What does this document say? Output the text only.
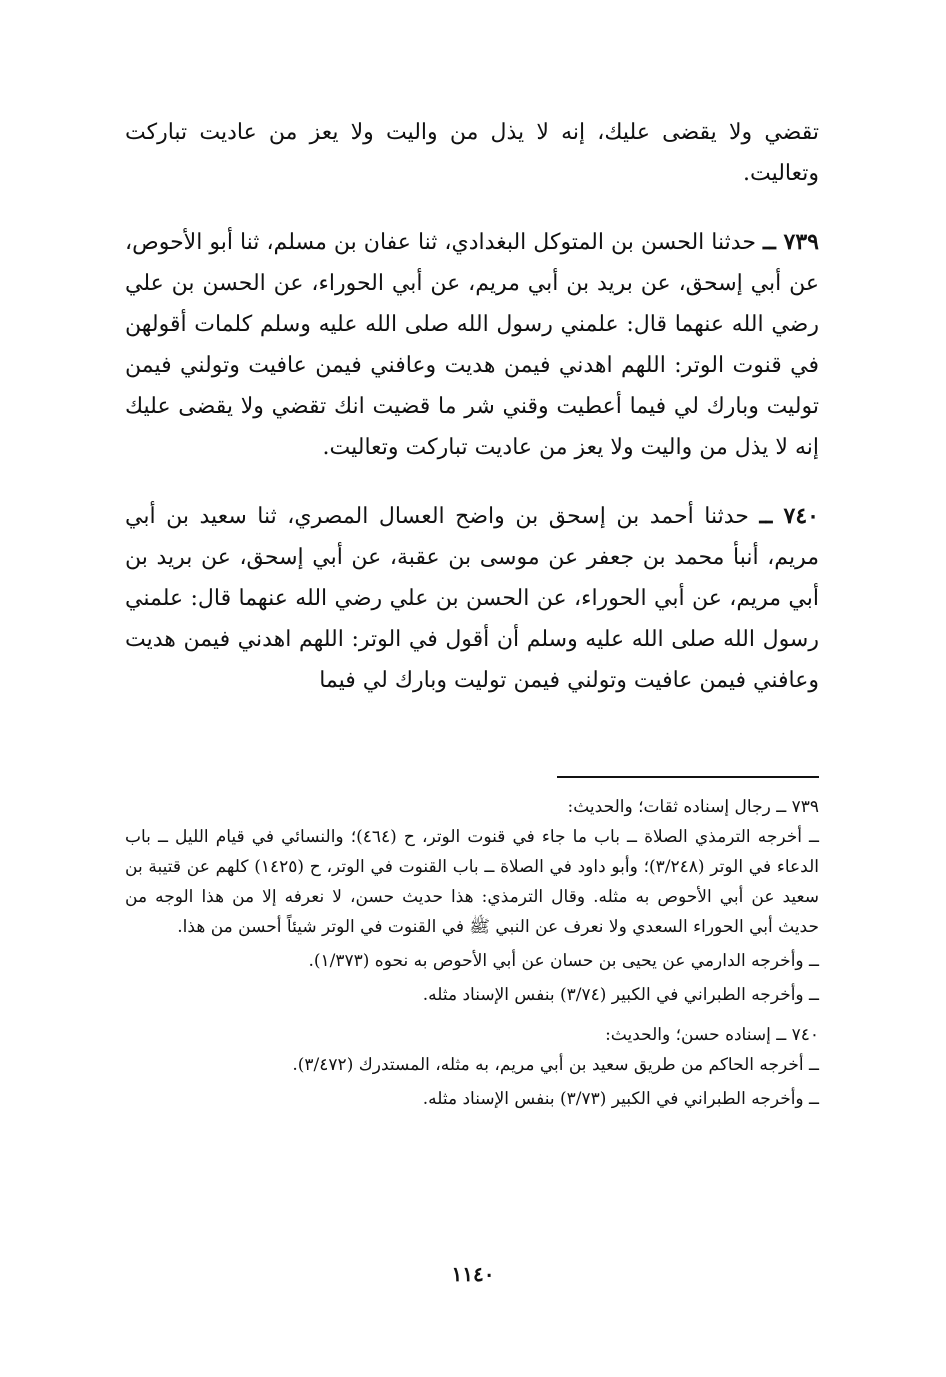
تقضي ولا يقضى عليك، إنه لا يذل من واليت ولا يعز من عاديت تباركت وتعاليت.

٧٣٩ ــ حدثنا الحسن بن المتوكل البغدادي، ثنا عفان بن مسلم، ثنا أبو الأحوص، عن أبي إسحق، عن بريد بن أبي مريم، عن أبي الحوراء، عن الحسن بن علي رضي الله عنهما قال: علمني رسول الله صلى الله عليه وسلم كلمات أقولهن في قنوت الوتر: اللهم اهدني فيمن هديت وعافني فيمن عافيت وتولني فيمن توليت وبارك لي فيما أعطيت وقني شر ما قضيت انك تقضي ولا يقضى عليك إنه لا يذل من واليت ولا يعز من عاديت تباركت وتعاليت.

٧٤٠ ــ حدثنا أحمد بن إسحق بن واضح العسال المصري، ثنا سعيد بن أبي مريم، أنبأ محمد بن جعفر عن موسى بن عقبة، عن أبي إسحق، عن بريد بن أبي مريم، عن أبي الحوراء، عن الحسن بن علي رضي الله عنهما قال: علمني رسول الله صلى الله عليه وسلم أن أقول في الوتر: اللهم اهدني فيمن هديت وعافني فيمن عافيت وتولني فيمن توليت وبارك لي فيما

٧٣٩ ــ رجال إسناده ثقات؛ والحديث:

ــ أخرجه الترمذي الصلاة ــ باب ما جاء في قنوت الوتر، ح (٤٦٤)؛ والنسائي في قيام الليل ــ باب الدعاء في الوتر (٣/٢٤٨)؛ وأبو داود في الصلاة ــ باب القنوت في الوتر، ح (١٤٢٥) كلهم عن قتيبة بن سعيد عن أبي الأحوص به مثله. وقال الترمذي: هذا حديث حسن، لا نعرفه إلا من هذا الوجه من حديث أبي الحوراء السعدي ولا نعرف عن النبي ﷺ في القنوت في الوتر شيئاً أحسن من هذا.

ــ وأخرجه الدارمي عن يحيى بن حسان عن أبي الأحوص به نحوه (١/٣٧٣).

ــ وأخرجه الطبراني في الكبير (٣/٧٤) بنفس الإسناد مثله.

٧٤٠ ــ إسناده حسن؛ والحديث:

ــ أخرجه الحاكم من طريق سعيد بن أبي مريم، به مثله، المستدرك (٣/٤٧٢).

ــ وأخرجه الطبراني في الكبير (٣/٧٣) بنفس الإسناد مثله.

١١٤٠
